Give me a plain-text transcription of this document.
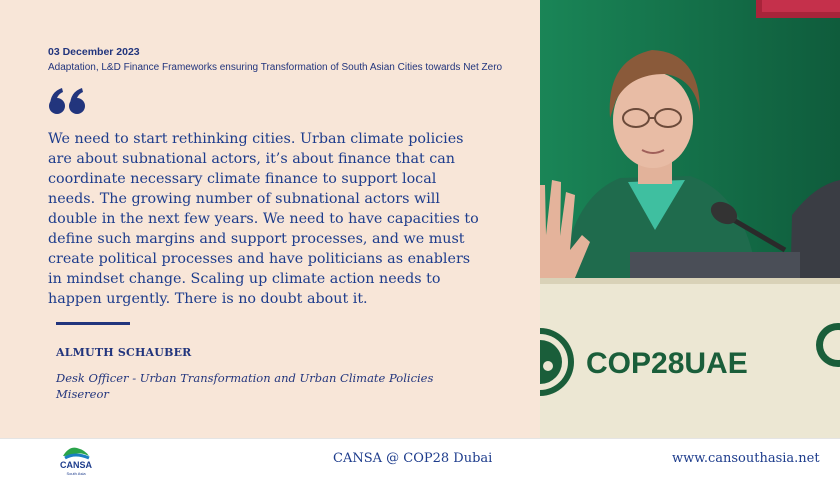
COP28UAE
03 December 2023
Adaptation, L&D Finance Frameworks ensuring Transformation of South Asian Cities towards Net Zero
We need to start rethinking cities. Urban climate policies
are about subnational actors, it’s about finance that can
coordinate necessary climate finance to support local
needs. The growing number of subnational actors will
double in the next few years. We need to have capacities to
define such margins and support processes, and we must
create political processes and have politicians as enablers
in mindset change. Scaling up climate action needs to
happen urgently. There is no doubt about it.
ALMUTH SCHAUBER
Desk Officer - Urban Transformation and Urban Climate Policies
Misereor
CANSA
South Asia
CANSA @ COP28 Dubai	www.cansouthasia.net
